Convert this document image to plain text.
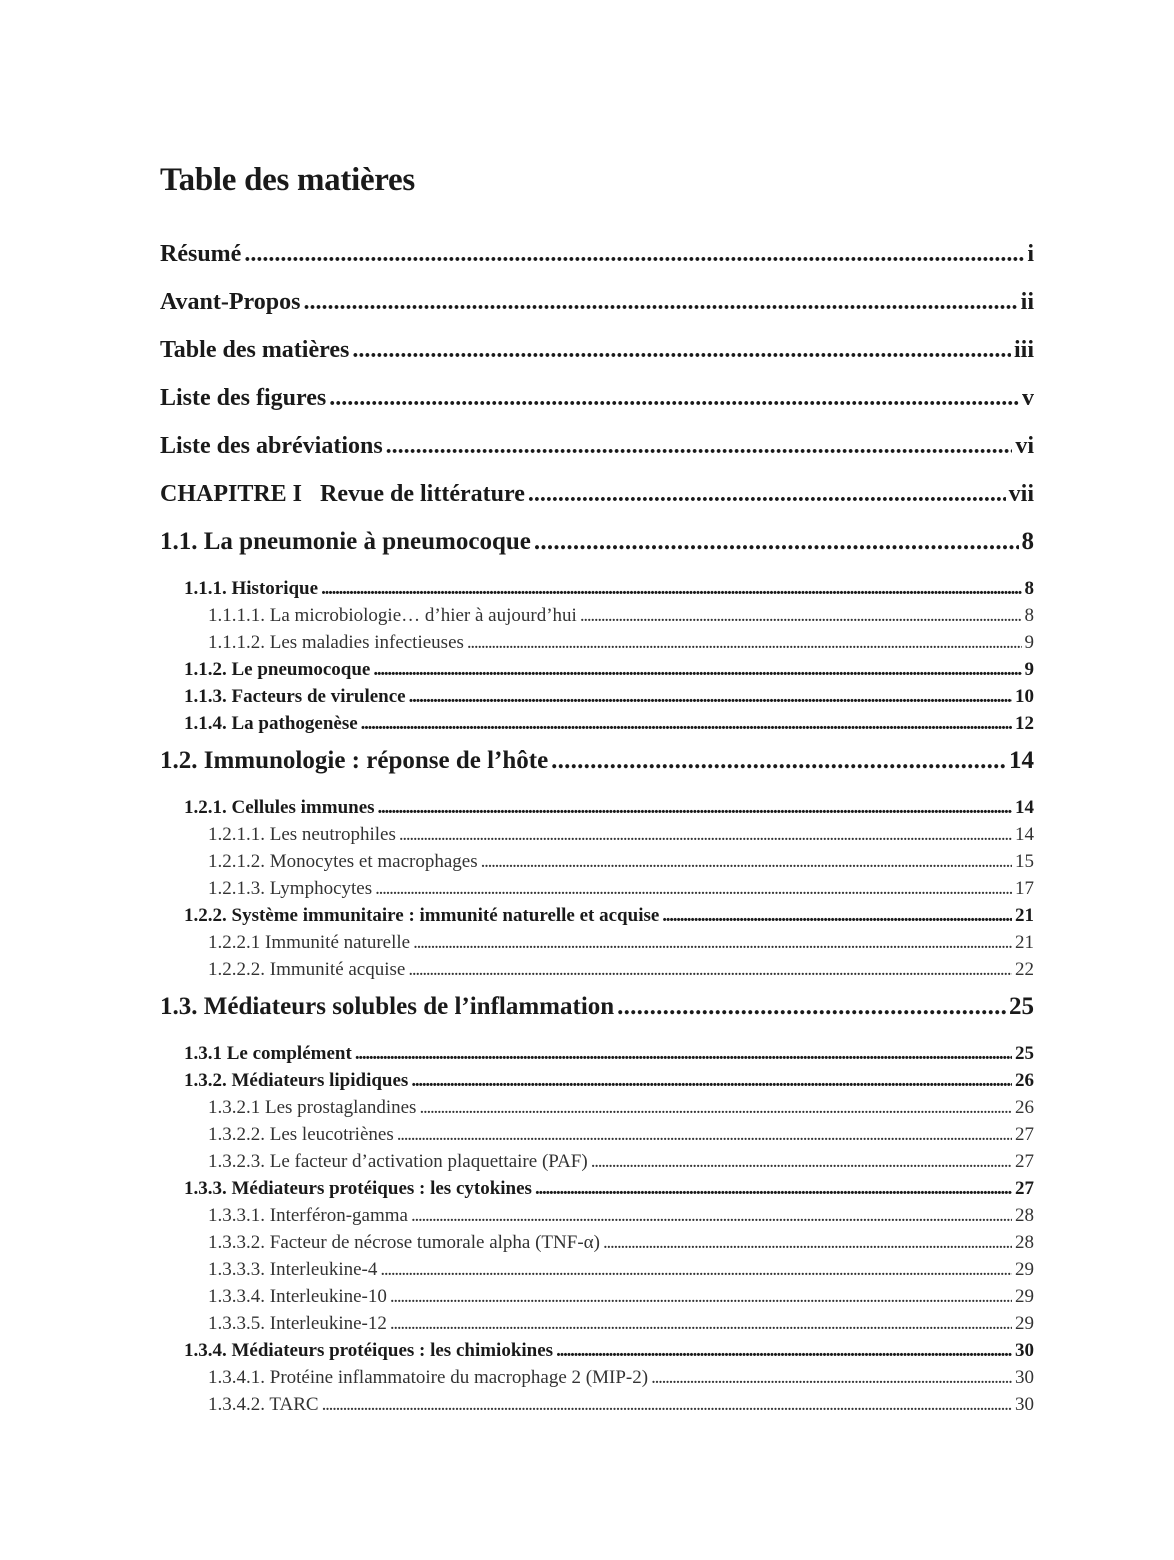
Table des matières
Résumé . . .	i
Avant-Propos . . .	ii
Table des matières . . .	iii
Liste des figures . . .	v
Liste des abréviations . . .	vi
CHAPITRE I   Revue de littérature . . .	vii
1.1. La pneumonie à pneumocoque . . .	8
1.1.1. Historique . . .	8
1.1.1.1. La microbiologie… d’hier à aujourd’hui . . .	8
1.1.1.2. Les maladies infectieuses . . .	9
1.1.2. Le pneumocoque . . .	9
1.1.3. Facteurs de virulence . . .	10
1.1.4. La pathogenèse . . .	12
1.2. Immunologie : réponse de l’hôte . . .	14
1.2.1. Cellules immunes . . .	14
1.2.1.1. Les neutrophiles . . .	14
1.2.1.2. Monocytes et macrophages . . .	15
1.2.1.3. Lymphocytes . . .	17
1.2.2. Système immunitaire : immunité naturelle et acquise . . .	21
1.2.2.1 Immunité naturelle . . .	21
1.2.2.2. Immunité acquise . . .	22
1.3. Médiateurs solubles de l’inflammation . . .	25
1.3.1 Le complément . . .	25
1.3.2. Médiateurs lipidiques . . .	26
1.3.2.1 Les prostaglandines . . .	26
1.3.2.2. Les leucotriènes . . .	27
1.3.2.3. Le facteur d’activation plaquettaire (PAF) . . .	27
1.3.3. Médiateurs protéiques : les cytokines . . .	27
1.3.3.1. Interféron-gamma . . .	28
1.3.3.2. Facteur de nécrose tumorale alpha (TNF-α) . . .	28
1.3.3.3. Interleukine-4 . . .	29
1.3.3.4. Interleukine-10 . . .	29
1.3.3.5. Interleukine-12 . . .	29
1.3.4. Médiateurs protéiques : les chimiokines . . .	30
1.3.4.1. Protéine inflammatoire du macrophage 2 (MIP-2) . . .	30
1.3.4.2. TARC . . .	30
